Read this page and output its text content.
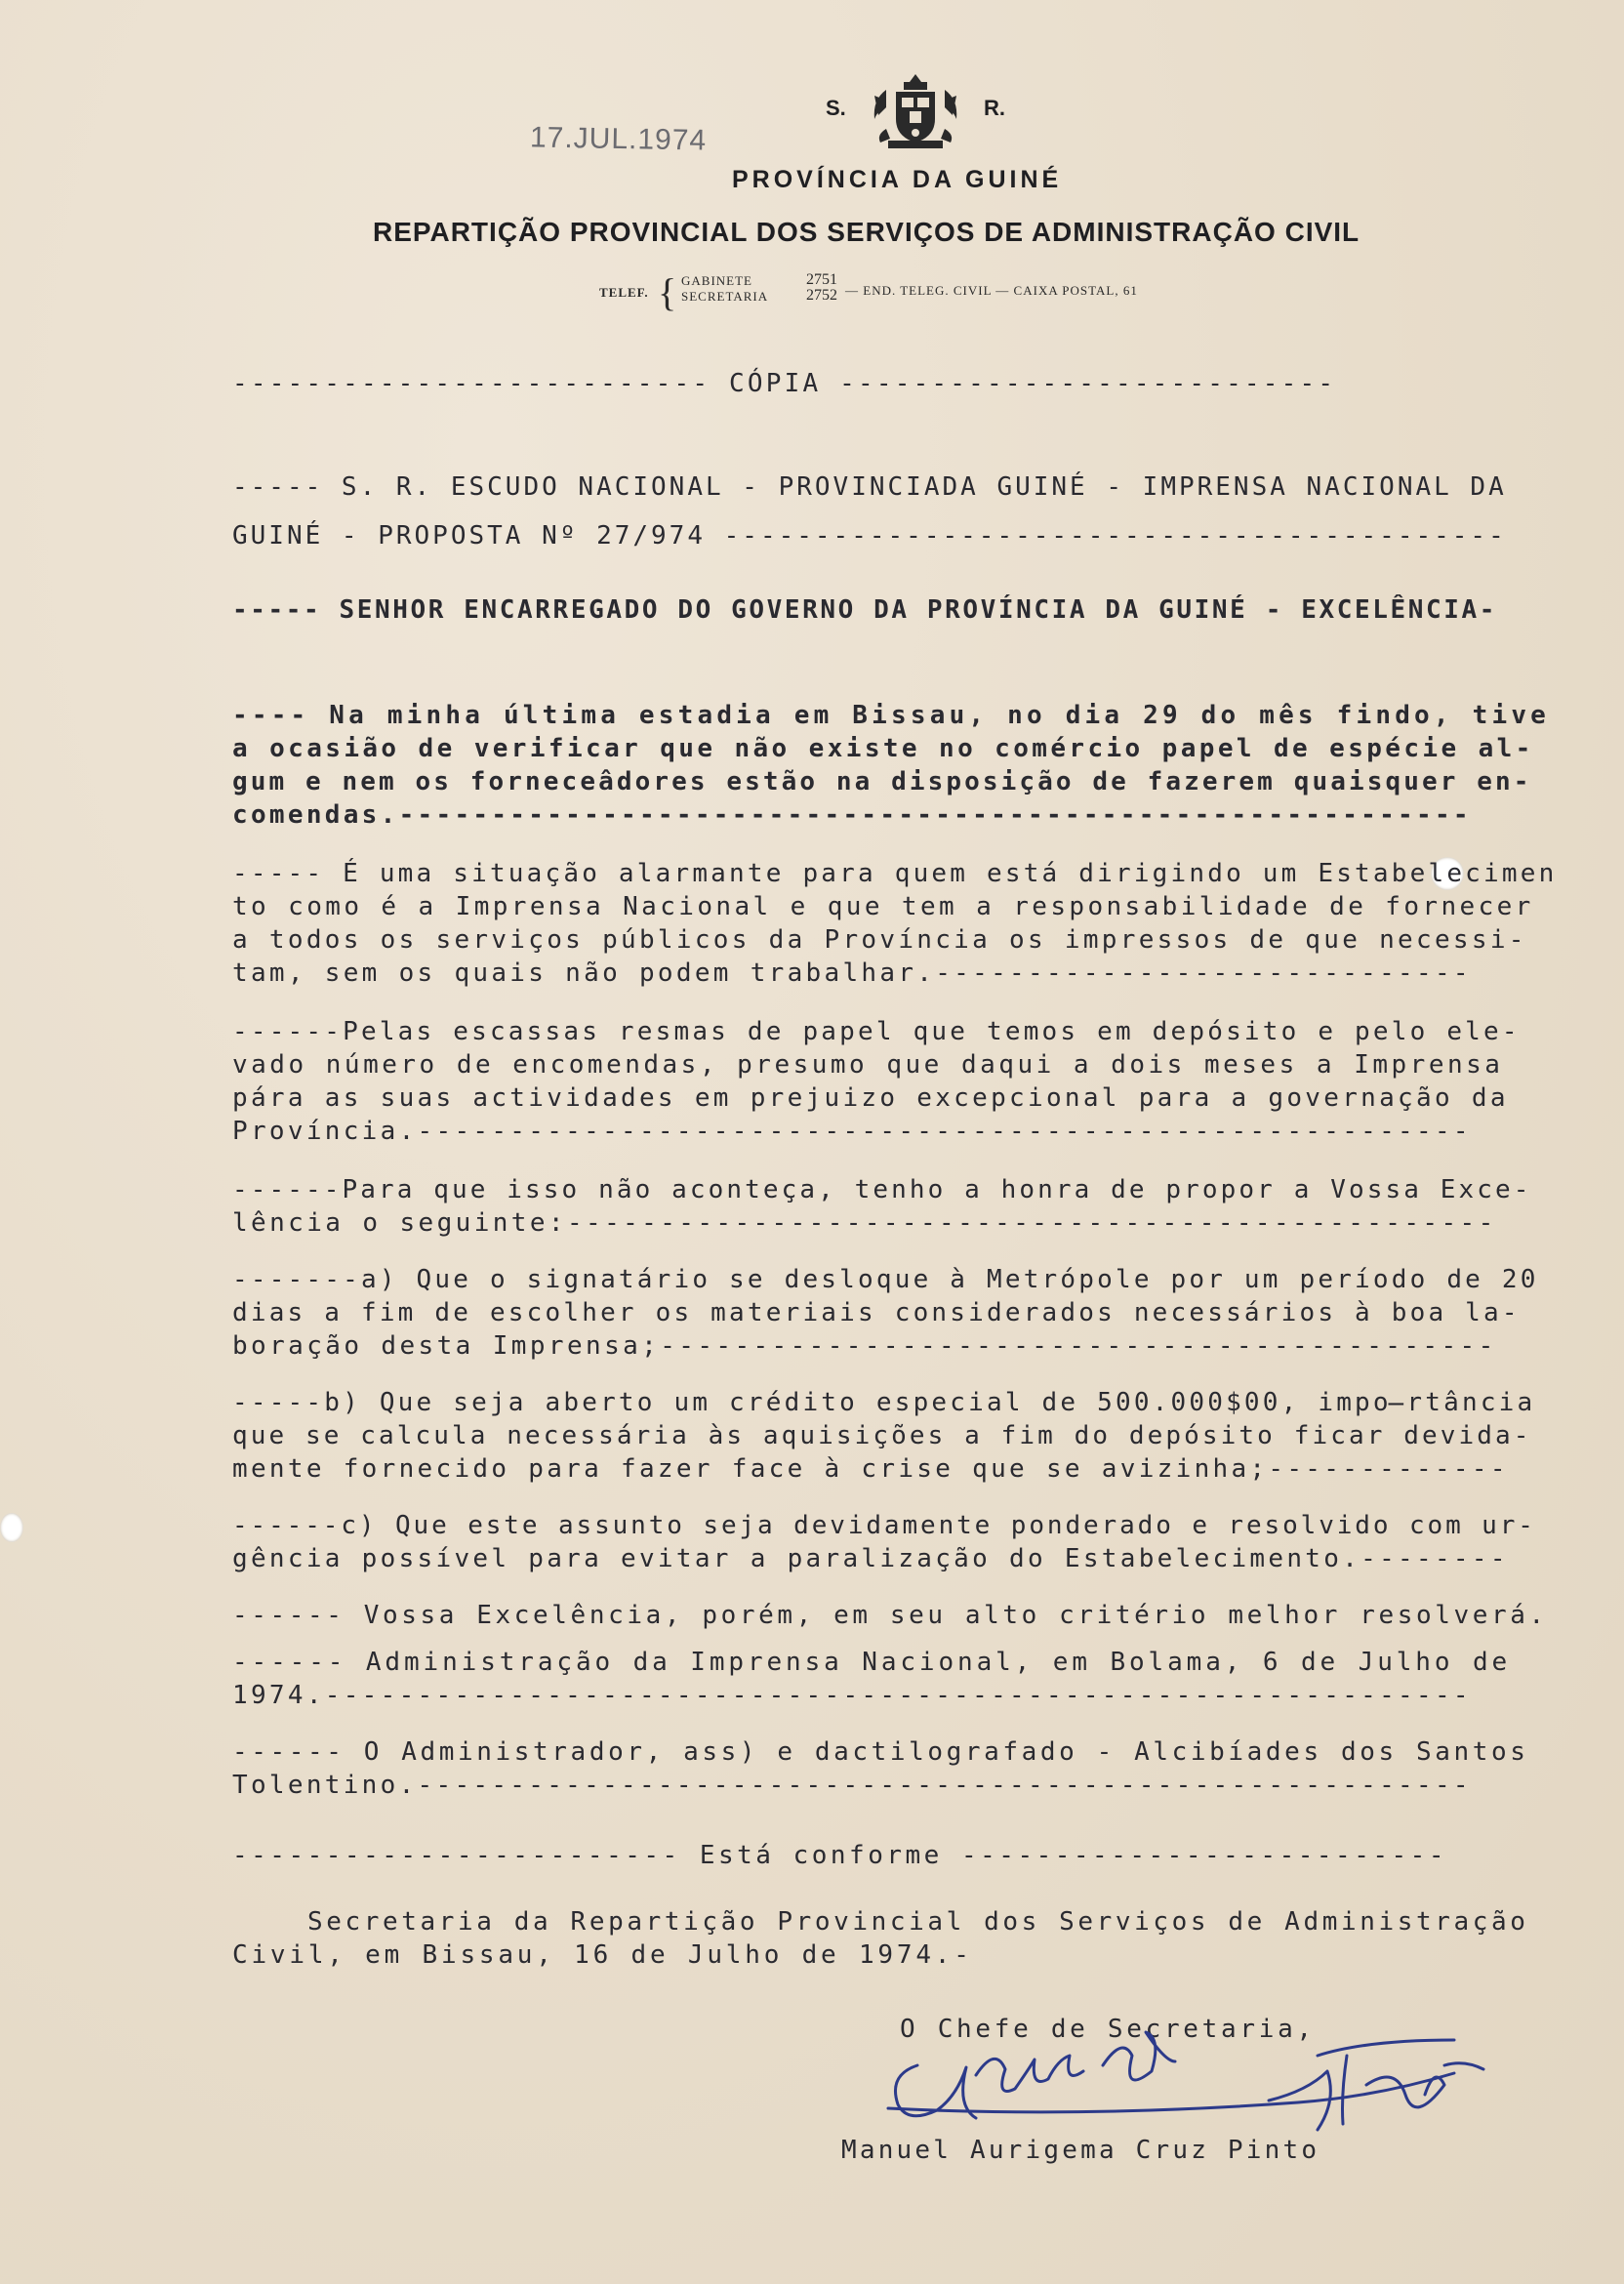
17.JUL.1974
S.	R.
PROVÍNCIA DA GUINÉ
REPARTIÇÃO PROVINCIAL DOS SERVIÇOS DE ADMINISTRAÇÃO CIVIL
TELEF. { GABINETE
SECRETARIA
2751
2752 — END. TELEG. CIVIL — CAIXA POSTAL, 61
-------------------------- CÓPIA ---------------------------
----- S. R. ESCUDO NACIONAL - PROVINCIADA GUINÉ - IMPRENSA NACIONAL DA
GUINÉ - PROPOSTA Nº 27/974 -------------------------------------------
----- SENHOR ENCARREGADO DO GOVERNO DA PROVÍNCIA DA GUINÉ - EXCELÊNCIA-
---- Na minha última estadia em Bissau, no dia 29 do mês findo, tive
a ocasião de verificar que não existe no comércio papel de espécie al-
gum e nem os forneceâdores estão na disposição de fazerem quaisquer en-
comendas.----------------------------------------------------------
----- É uma situação alarmante para quem está dirigindo um Estabelecimen
to como é a Imprensa Nacional e que tem a responsabilidade de fornecer
a todos os serviços públicos da Província os impressos de que necessi-
tam, sem os quais não podem trabalhar.-----------------------------
------Pelas escassas resmas de papel que temos em depósito e pelo ele-
vado número de encomendas, presumo que daqui a dois meses a Imprensa
pára as suas actividades em prejuizo excepcional para a governação da
Província.---------------------------------------------------------
------Para que isso não aconteça, tenho a honra de propor a Vossa Exce-
lência o seguinte:--------------------------------------------------
-------a) Que o signatário se desloque à Metrópole por um período de 20
dias a fim de escolher os materiais considerados necessários à boa la-
boração desta Imprensa;---------------------------------------------
-----b) Que seja aberto um crédito especial de 500.000$00, impo̶rtância
que se calcula necessária às aquisições a fim do depósito ficar devida-
mente fornecido para fazer face à crise que se avizinha;-------------
------c) Que este assunto seja devidamente ponderado e resolvido com ur-
gência possível para evitar a paralização do Estabelecimento.--------
------ Vossa Excelência, porém, em seu alto critério melhor resolverá.
------ Administração da Imprensa Nacional, em Bolama, 6 de Julho de
1974.--------------------------------------------------------------
------ O Administrador, ass) e dactilografado - Alcibíades dos Santos
Tolentino.---------------------------------------------------------
------------------------ Está conforme --------------------------
Secretaria da Repartição Provincial dos Serviços de Administração
Civil, em Bissau, 16 de Julho de 1974.-
O Chefe de Secretaria,
Manuel Aurigema Cruz Pinto
